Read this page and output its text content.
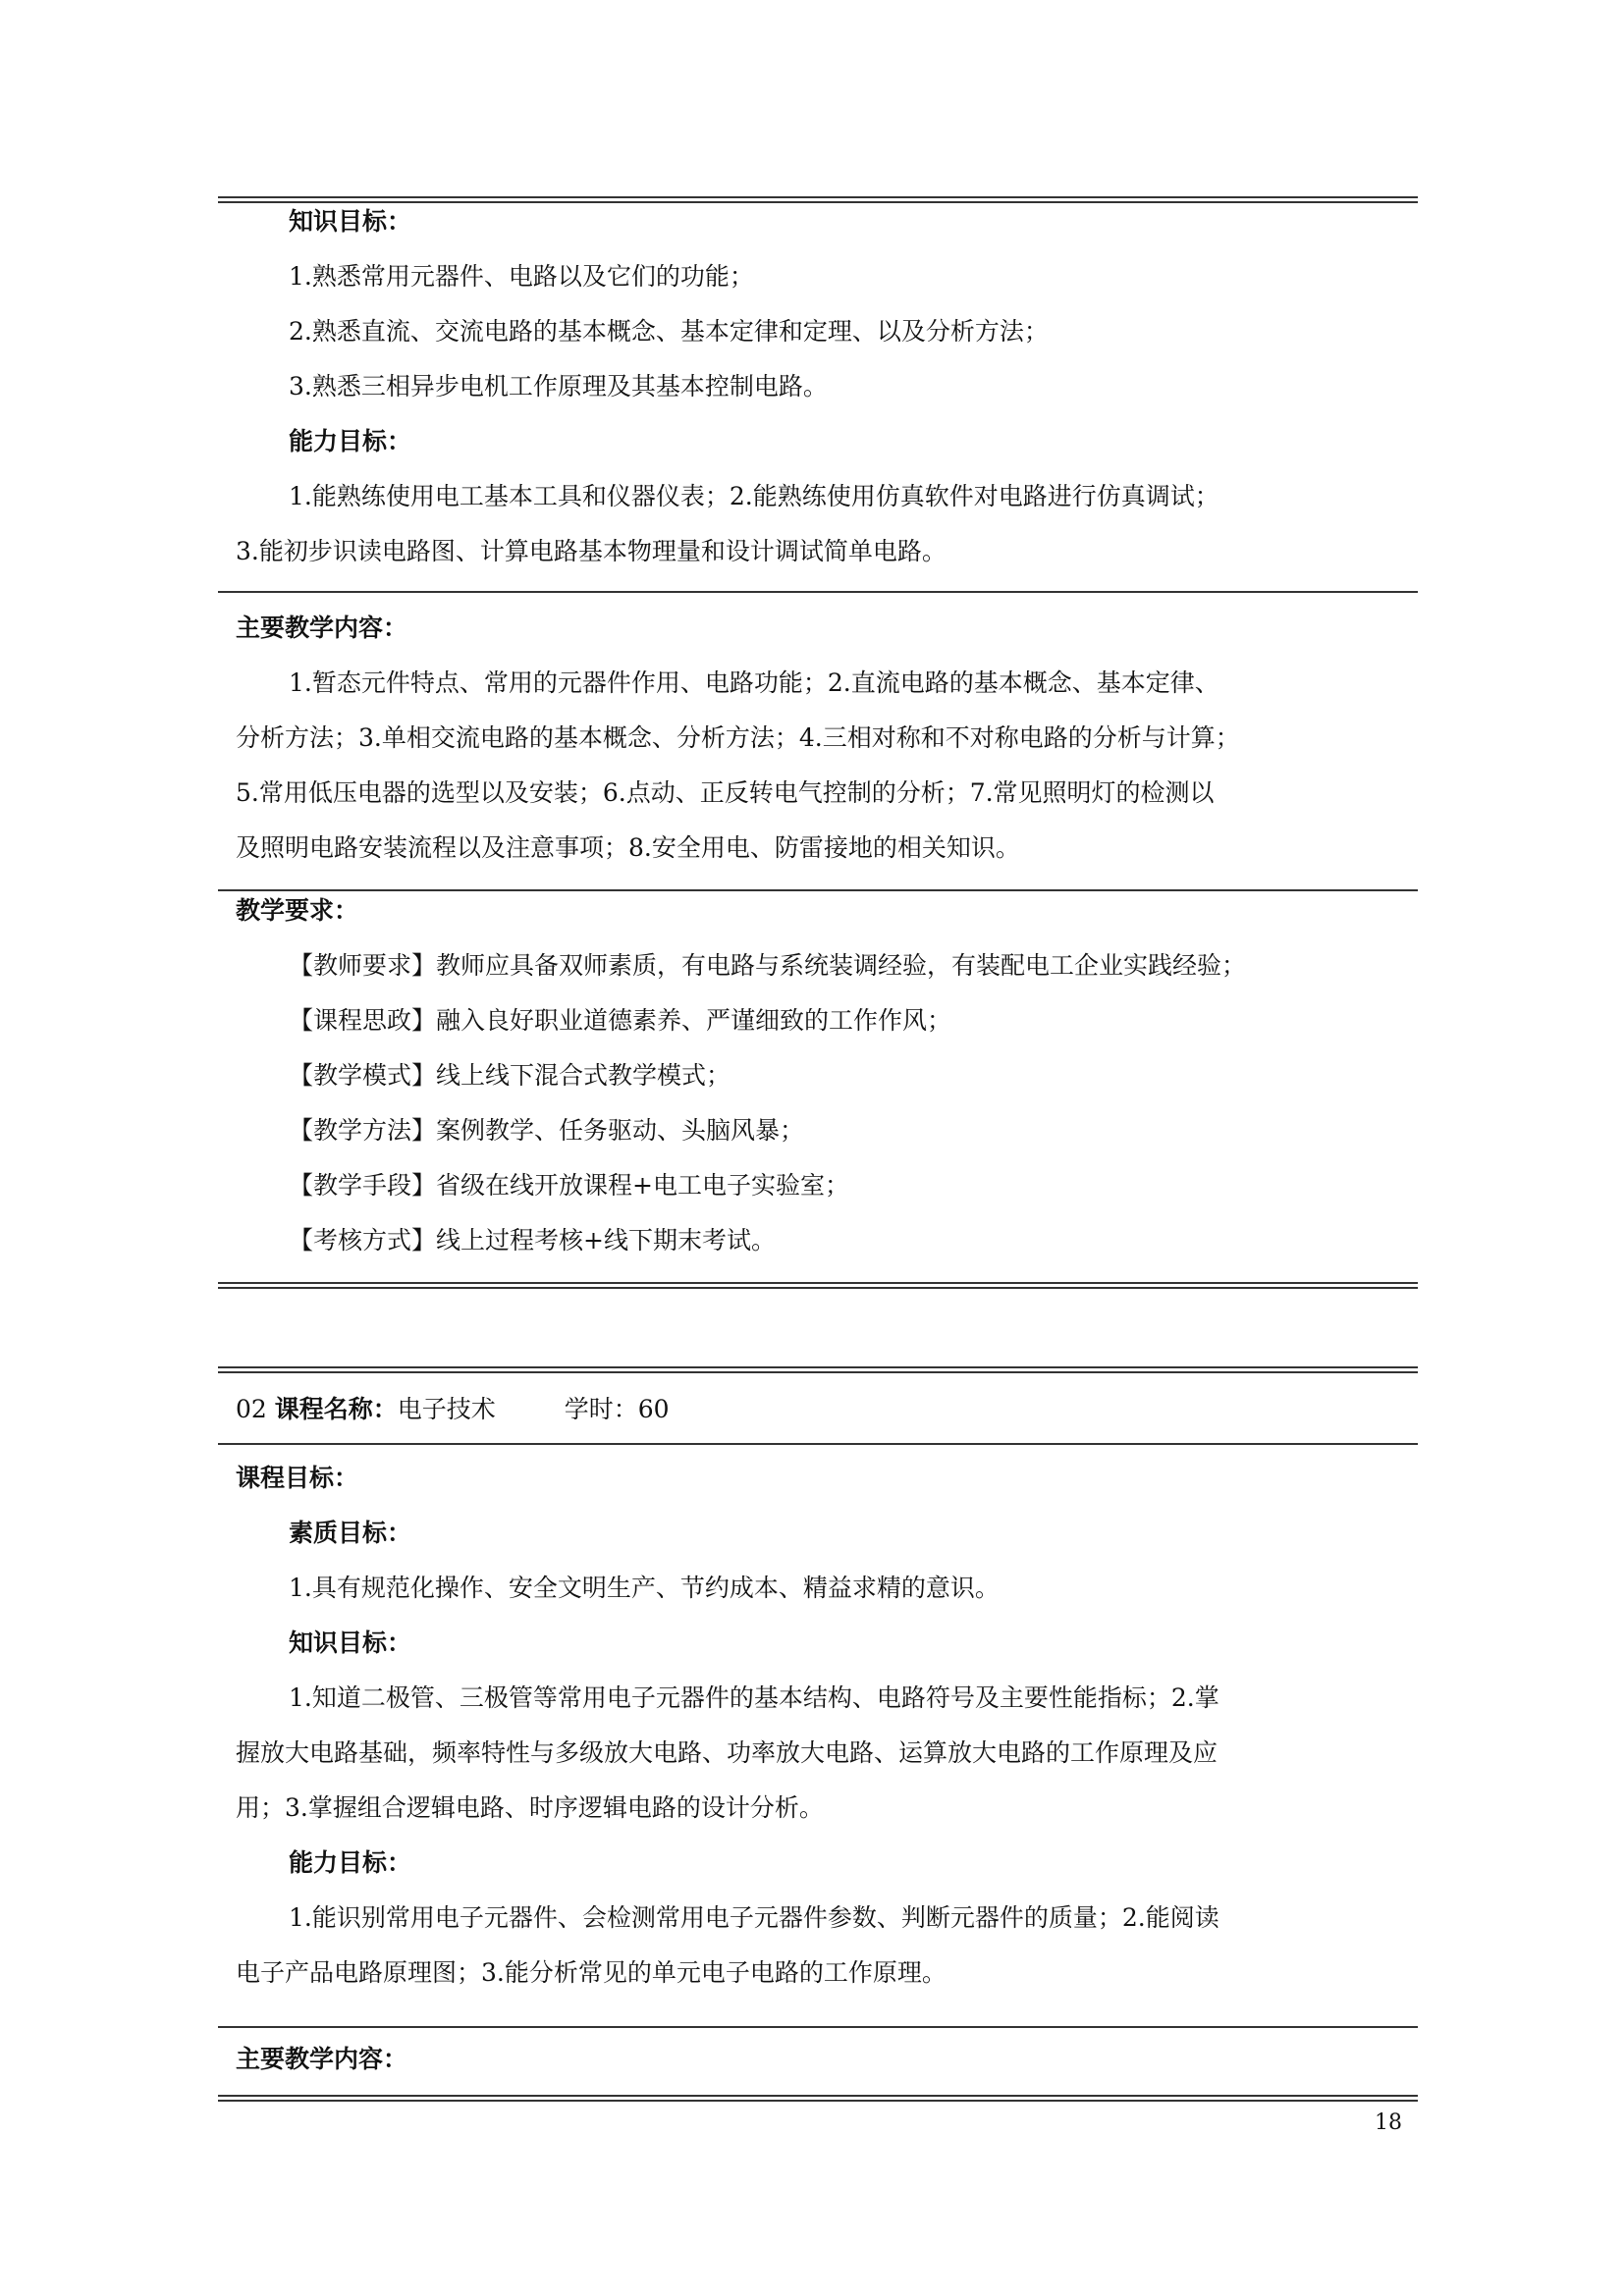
知识目标：
1.熟悉常用元器件、电路以及它们的功能；
2.熟悉直流、交流电路的基本概念、基本定律和定理、以及分析方法；
3.熟悉三相异步电机工作原理及其基本控制电路。
能力目标：
1.能熟练使用电工基本工具和仪器仪表；2.能熟练使用仿真软件对电路进行仿真调试；
3.能初步识读电路图、计算电路基本物理量和设计调试简单电路。
主要教学内容：
1.暂态元件特点、常用的元器件作用、电路功能；2.直流电路的基本概念、基本定律、
分析方法；3.单相交流电路的基本概念、分析方法；4.三相对称和不对称电路的分析与计算；
5.常用低压电器的选型以及安装；6.点动、正反转电气控制的分析；7.常见照明灯的检测以
及照明电路安装流程以及注意事项；8.安全用电、防雷接地的相关知识。
教学要求：
【教师要求】教师应具备双师素质，有电路与系统装调经验，有装配电工企业实践经验；
【课程思政】融入良好职业道德素养、严谨细致的工作作风；
【教学模式】线上线下混合式教学模式；
【教学方法】案例教学、任务驱动、头脑风暴；
【教学手段】省级在线开放课程+电工电子实验室；
【考核方式】线上过程考核+线下期末考试。
02 课程名称：电子技术	学时：60
课程目标：
素质目标：
1.具有规范化操作、安全文明生产、节约成本、精益求精的意识。
知识目标：
1.知道二极管、三极管等常用电子元器件的基本结构、电路符号及主要性能指标；2.掌
握放大电路基础，频率特性与多级放大电路、功率放大电路、运算放大电路的工作原理及应
用；3.掌握组合逻辑电路、时序逻辑电路的设计分析。
能力目标：
1.能识别常用电子元器件、会检测常用电子元器件参数、判断元器件的质量；2.能阅读
电子产品电路原理图；3.能分析常见的单元电子电路的工作原理。
主要教学内容：
18
